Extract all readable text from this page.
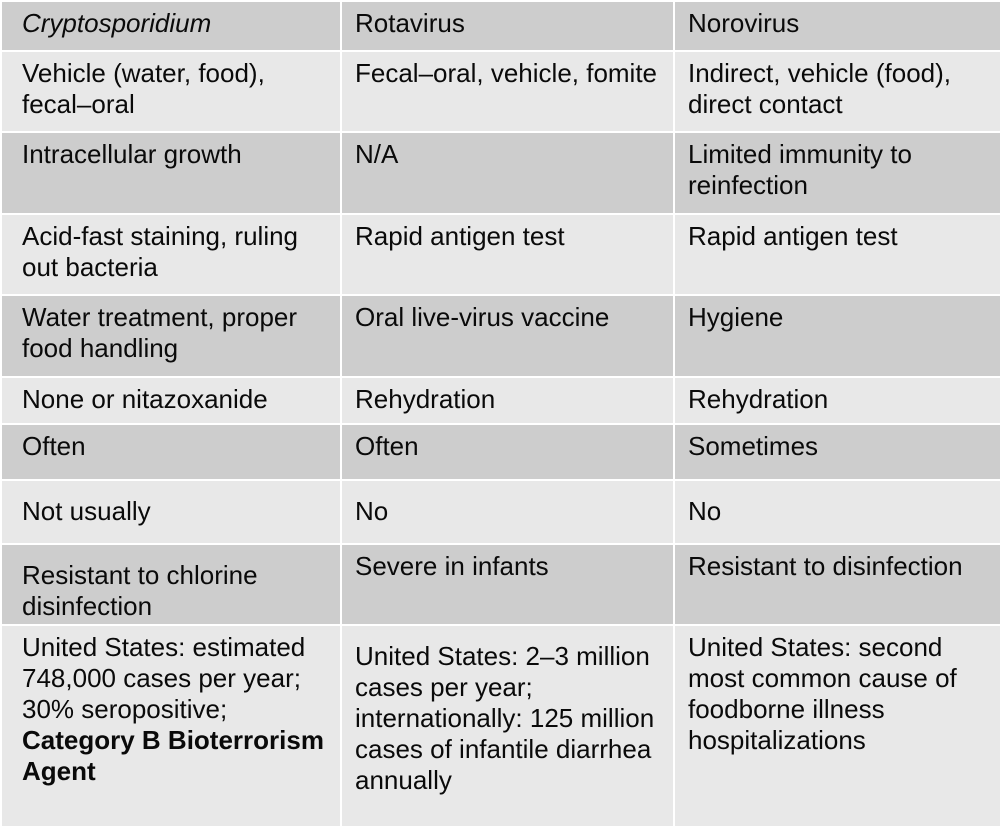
Cryptosporidium	Rotavirus	Norovirus
Vehicle (water, food), fecal–oral	Fecal–oral, vehicle, fomite	Indirect, vehicle (food), direct contact
Intracellular growth	N/A	Limited immunity to reinfection
Acid-fast staining, ruling out bacteria	Rapid antigen test	Rapid antigen test
Water treatment, proper food handling	Oral live-virus vaccine	Hygiene
None or nitazoxanide	Rehydration	Rehydration
Often	Often	Sometimes
Not usually	No	No
Resistant to chlorine disinfection	Severe in infants	Resistant to disinfection
United States: estimated 748,000 cases per year; 30% seropositive; Category B Bioterrorism Agent	United States: 2–3 million cases per year; internationally: 125 million cases of infantile diarrhea annually	United States: second most common cause of foodborne illness hospitalizations
